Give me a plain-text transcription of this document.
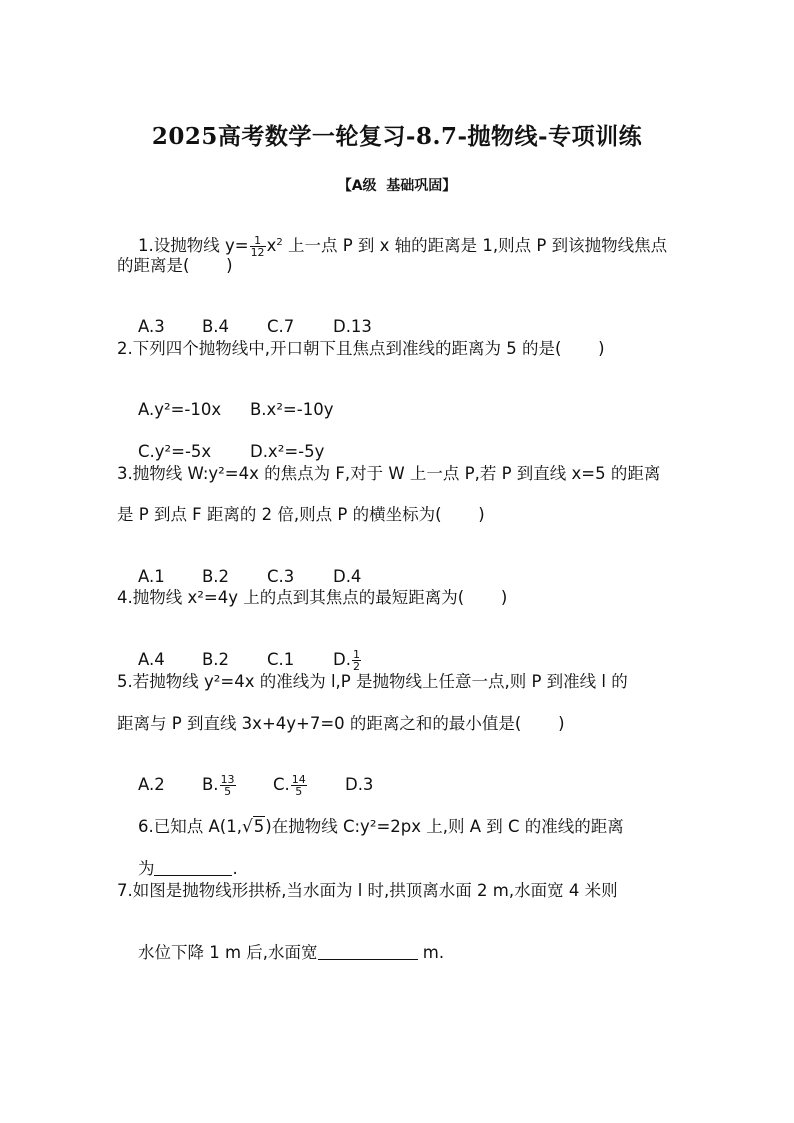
2025高考数学一轮复习-8.7-抛物线-专项训练
【A级  基础巩固】

1.设抛物线 $y= \frac{1}{12} x^2$ 上一点 P 到 x 轴的距离是 1,则点 P 到该抛物线焦点

的距离是(       )

A.3 B.4 C.7 D.13

2.下列四个抛物线中,开口朝下且焦点到准线的距离为 5 的是(       )

A.y²=-10x B.x²=-10y

C.y²=-5x D.x²=-5y

3.抛物线 W:y²=4x 的焦点为 F,对于 W 上一点 P,若 P 到直线 x=5 的距离
是 P 到点 F 距离的 2 倍,则点 P 的横坐标为(       )

A.1 B.2 C.3 D.4

4.抛物线 x²=4y 上的点到其焦点的最短距离为(       )

A.4 B.2 C.1 D. $\frac{1}{2}$

5.若抛物线 y²=4x 的准线为 l,P 是抛物线上任意一点,则 P 到准线 l 的
距离与 P 到直线 3x+4y+7=0 的距离之和的最小值是(       )

A.2 B. $\frac{13}{5} C$. $\frac{14}{5} D.3$

6.已知点 A(1,√5)在抛物线 C:y²=2px 上,则 A 到 C 的准线的距离

为	.

7.如图是抛物线形拱桥,当水面为 l 时,拱顶离水面 2 m,水面宽 4 米则

水位下降 1 m 后,水面宽	m.
